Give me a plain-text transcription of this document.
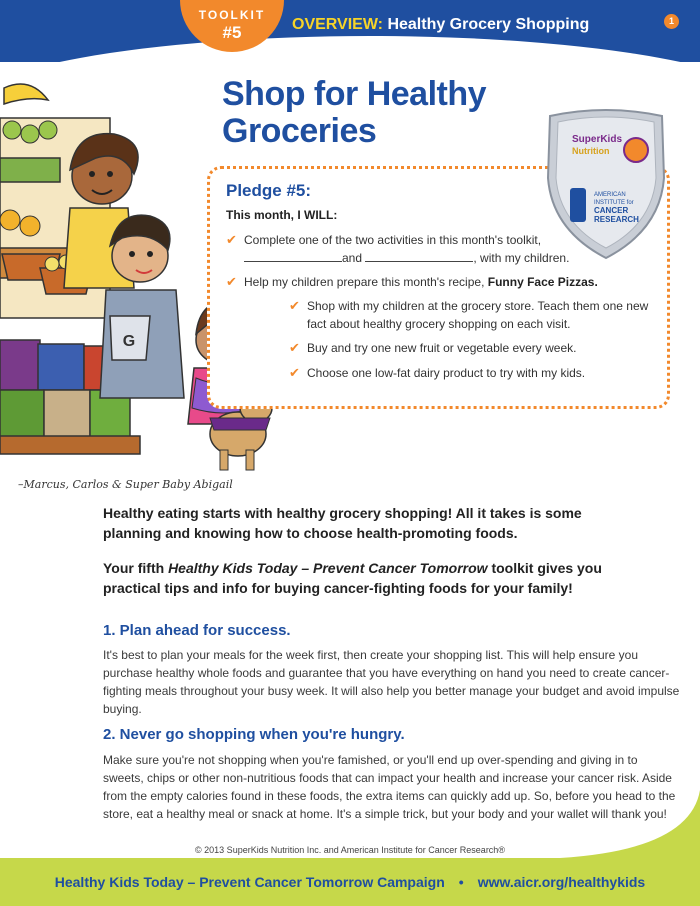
TOOLKIT
#5	OVERVIEW: Healthy Grocery Shopping	1
G
–Marcus, Carlos & Super Baby Abigail
Shop for Healthy
Groceries
Pledge #5:
This month, I WILL:
✔ Complete one of the two activities in this month's toolkit,
and	, with my children.
✔ Help my children prepare this month's recipe, Funny Face Pizzas.
✔ Shop with my children at the grocery store. Teach them one new
fact about healthy grocery shopping on each visit.
✔ Buy and try one new fruit or vegetable every week.
✔ Choose one low-fat dairy product to try with my kids.
SuperKids
Nutrition
AMERICAN
INSTITUTE for
CANCER
RESEARCH
Healthy eating starts with healthy grocery shopping! All it takes is some planning and knowing how to choose health-promoting foods.
Your fifth Healthy Kids Today – Prevent Cancer Tomorrow toolkit gives you practical tips and info for buying cancer-fighting foods for your family!
1. Plan ahead for success.
It's best to plan your meals for the week first, then create your shopping list. This will help ensure you purchase healthy whole foods and guarantee that you have everything on hand you need to create cancer-fighting meals throughout your busy week. It will also help you better manage your budget and avoid impulse buying.
2. Never go shopping when you're hungry.
Make sure you're not shopping when you're famished, or you'll end up over-spending and giving in to sweets, chips or other non-nutritious foods that can impact your health and increase your cancer risk. Aside from the empty calories found in these foods, the extra items can quickly add up. So, before you head to the store, eat a healthy meal or snack at home. It's a simple trick, but your body and your wallet will thank you!
© 2013 SuperKids Nutrition Inc. and American Institute for Cancer Research®
Healthy Kids Today – Prevent Cancer Tomorrow Campaign • www.aicr.org/healthykids
